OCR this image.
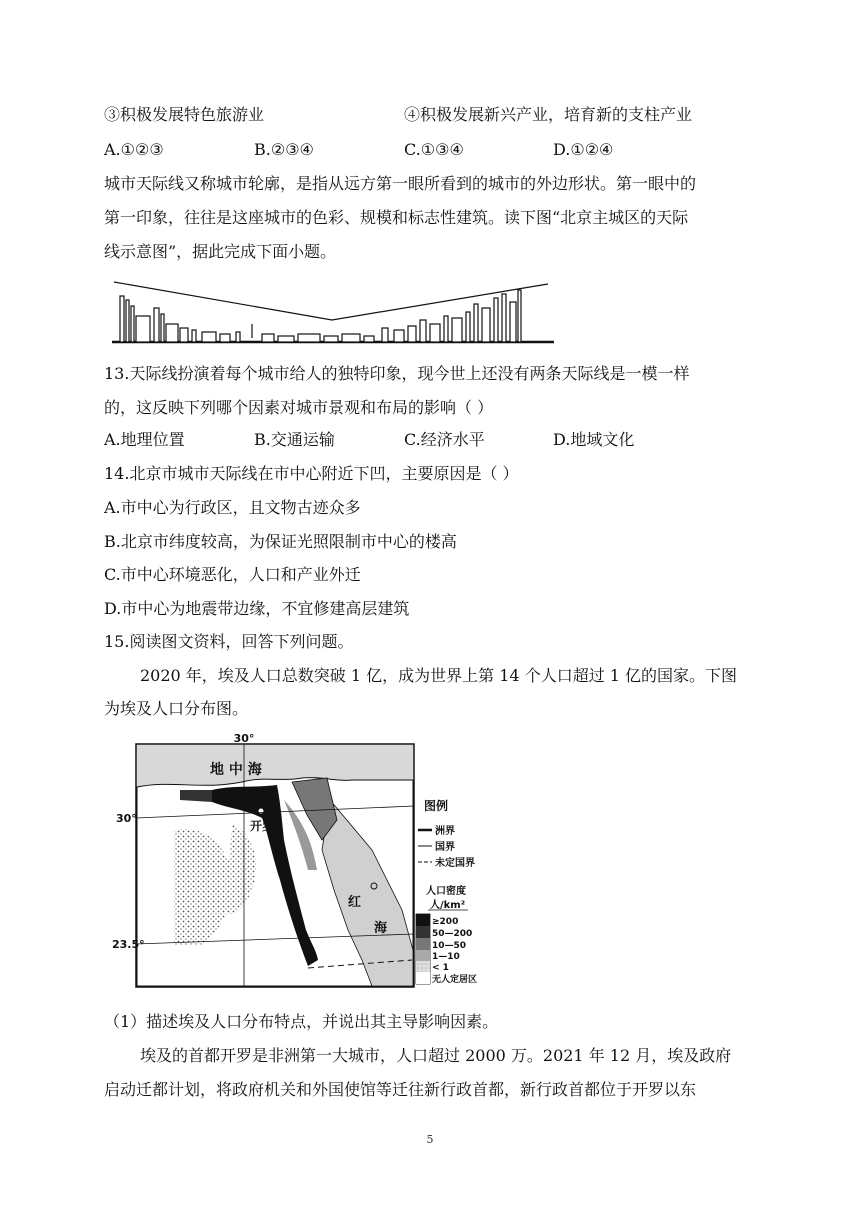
③积极发展特色旅游业	④积极发展新兴产业，培育新的支柱产业
A.①②③	B.②③④	C.①③④	D.①②④
城市天际线又称城市轮廓，是指从远方第一眼所看到的城市的外边形状。第一眼中的
第一印象，往往是这座城市的色彩、规模和标志性建筑。读下图“北京主城区的天际
线示意图”，据此完成下面小题。
13.天际线扮演着每个城市给人的独特印象，现今世上还没有两条天际线是一模一样
的，这反映下列哪个因素对城市景观和布局的影响（ ）
A.地理位置	B.交通运输	C.经济水平	D.地域文化
14.北京市城市天际线在市中心附近下凹，主要原因是（ ）
A.市中心为行政区，且文物古迹众多
B.北京市纬度较高，为保证光照限制市中心的楼高
C.市中心环境恶化，人口和产业外迁
D.市中心为地震带边缘，不宜修建高层建筑
15.阅读图文资料，回答下列问题。
2020 年，埃及人口总数突破 1 亿，成为世界上第 14 个人口超过 1 亿的国家。下图
为埃及人口分布图。
30°
30°
23.5°
地 中 海
开罗
红
海
图例
洲界
国界
未定国界
人口密度
人/km²
≥200
50—200
10—50
1—10
< 1
无人定居区
（1）描述埃及人口分布特点，并说出其主导影响因素。
埃及的首都开罗是非洲第一大城市，人口超过 2000 万。2021 年 12 月，埃及政府
启动迁都计划，将政府机关和外国使馆等迁往新行政首都，新行政首都位于开罗以东
5
